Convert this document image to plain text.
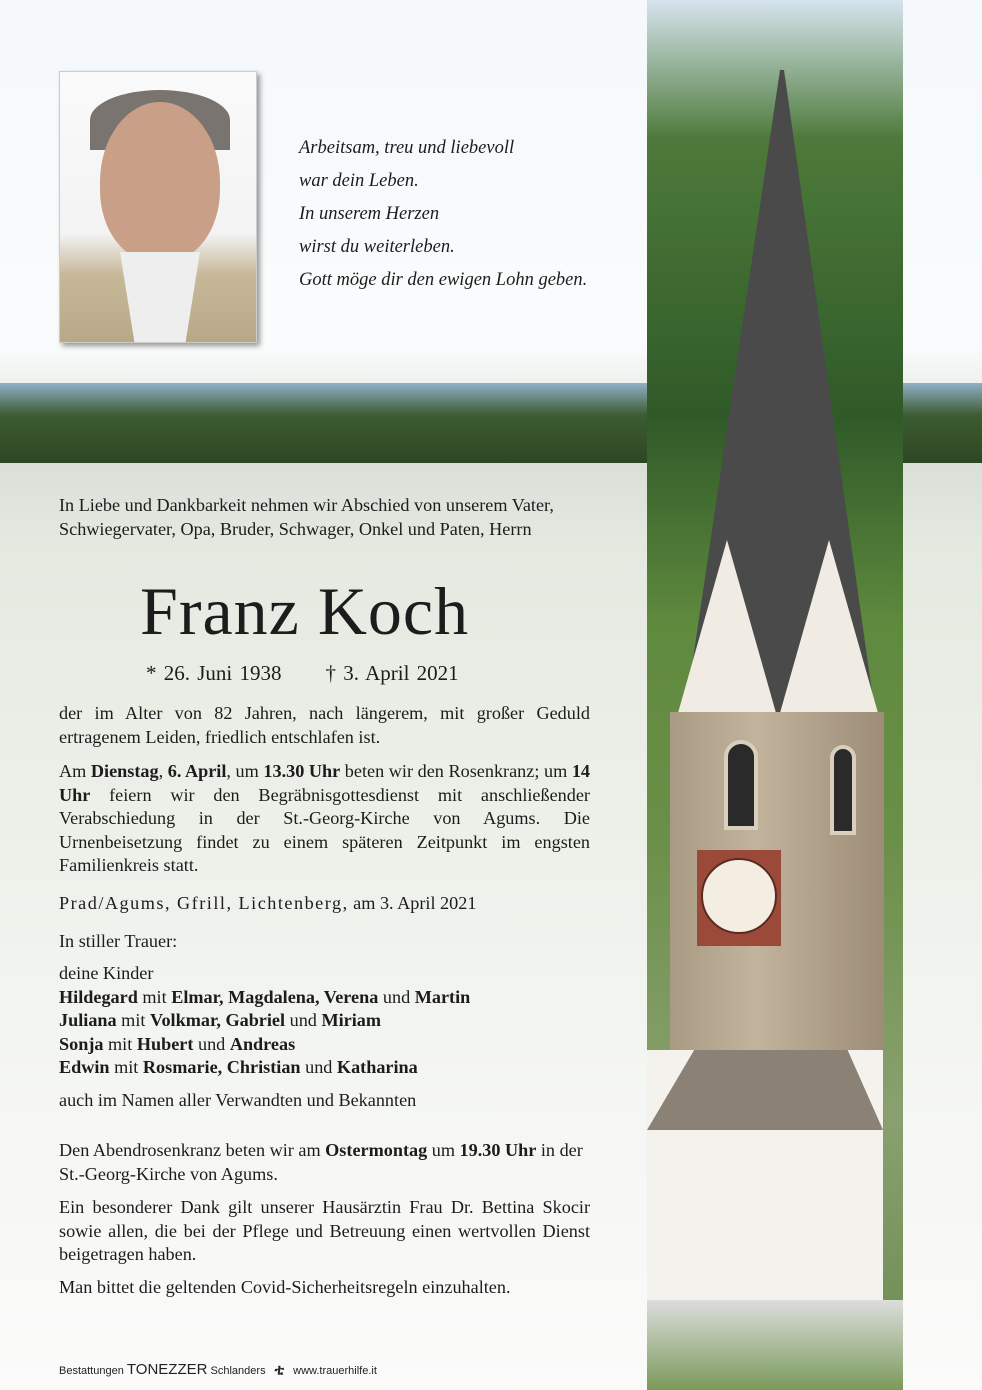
Arbeitsam, treu und liebevoll
war dein Leben.
In unserem Herzen
wirst du weiterleben.
Gott möge dir den ewigen Lohn geben.
In Liebe und Dankbarkeit nehmen wir Abschied von unserem Vater, Schwiegervater, Opa, Bruder, Schwager, Onkel und Paten, Herrn
Franz Koch
* 26. Juni 1938 † 3. April 2021
der im Alter von 82 Jahren, nach längerem, mit großer Geduld ertragenem Leiden, friedlich entschlafen ist.
Am Dienstag, 6. April, um 13.30 Uhr beten wir den Rosenkranz; um 14 Uhr feiern wir den Begräbnisgottesdienst mit anschließender Verabschiedung in der St.-Georg-Kirche von Agums. Die Urnenbeisetzung findet zu einem späteren Zeitpunkt im engsten Familienkreis statt.
Prad/Agums, Gfrill, Lichtenberg, am 3. April 2021
In stiller Trauer:
deine Kinder
Hildegard mit Elmar, Magdalena, Verena und Martin
Juliana mit Volkmar, Gabriel und Miriam
Sonja mit Hubert und Andreas
Edwin mit Rosmarie, Christian und Katharina
auch im Namen aller Verwandten und Bekannten
Den Abendrosenkranz beten wir am Ostermontag um 19.30 Uhr in der St.-Georg-Kirche von Agums.
Ein besonderer Dank gilt unserer Hausärztin Frau Dr. Bettina Skocir sowie allen, die bei der Pflege und Betreuung einen wertvollen Dienst beigetragen haben.
Man bittet die geltenden Covid-Sicherheitsregeln einzuhalten.
Bestattungen TONEZZER Schlanders ቲ www.trauerhilfe.it
